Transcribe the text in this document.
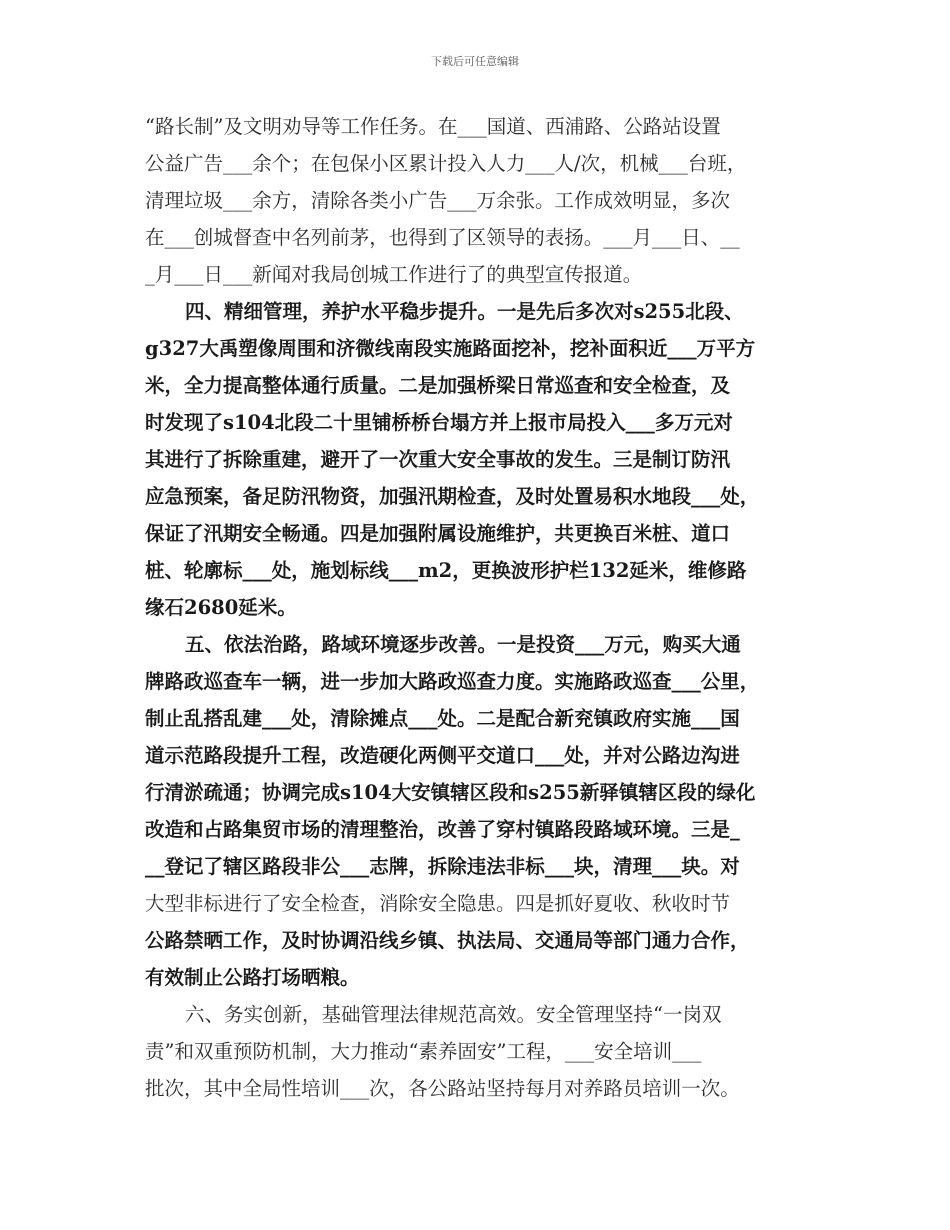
下载后可任意编辑
“路长制”及文明劝导等工作任务。在___国道、西浦路、公路站设置
公益广告___余个；在包保小区累计投入人力___人/次，机械___台班，
清理垃圾___余方，清除各类小广告___万余张。工作成效明显，多次
在___创城督查中名列前茅，也得到了区领导的表扬。___月___日、__
_月___日___新闻对我局创城工作进行了的典型宣传报道。
四、精细管理，养护水平稳步提升。一是先后多次对s255北段、
g327大禹塑像周围和济微线南段实施路面挖补，挖补面积近___万平方
米，全力提高整体通行质量。二是加强桥梁日常巡查和安全检查，及
时发现了s104北段二十里铺桥桥台塌方并上报市局投入___多万元对
其进行了拆除重建，避开了一次重大安全事故的发生。三是制订防汛
应急预案，备足防汛物资，加强汛期检查，及时处置易积水地段___处，
保证了汛期安全畅通。四是加强附属设施维护，共更换百米桩、道口
桩、轮廓标___处，施划标线___m2，更换波形护栏132延米，维修路
缘石2680延米。
五、依法治路，路域环境逐步改善。一是投资___万元，购买大通
牌路政巡查车一辆，进一步加大路政巡查力度。实施路政巡查___公里，
制止乱搭乱建___处，清除摊点___处。二是配合新兖镇政府实施___国
道示范路段提升工程，改造硬化两侧平交道口___处，并对公路边沟进
行清淤疏通；协调完成s104大安镇辖区段和s255新驿镇辖区段的绿化
改造和占路集贸市场的清理整治，改善了穿村镇路段路域环境。三是_
__登记了辖区路段非公___志牌，拆除违法非标___块，清理___块。对
大型非标进行了安全检查，消除安全隐患。四是抓好夏收、秋收时节
公路禁晒工作，及时协调沿线乡镇、执法局、交通局等部门通力合作，
有效制止公路打场晒粮。
六、务实创新，基础管理法律规范高效。安全管理坚持“一岗双
责”和双重预防机制，大力推动“素养固安”工程，___安全培训___
批次，其中全局性培训___次，各公路站坚持每月对养路员培训一次。
